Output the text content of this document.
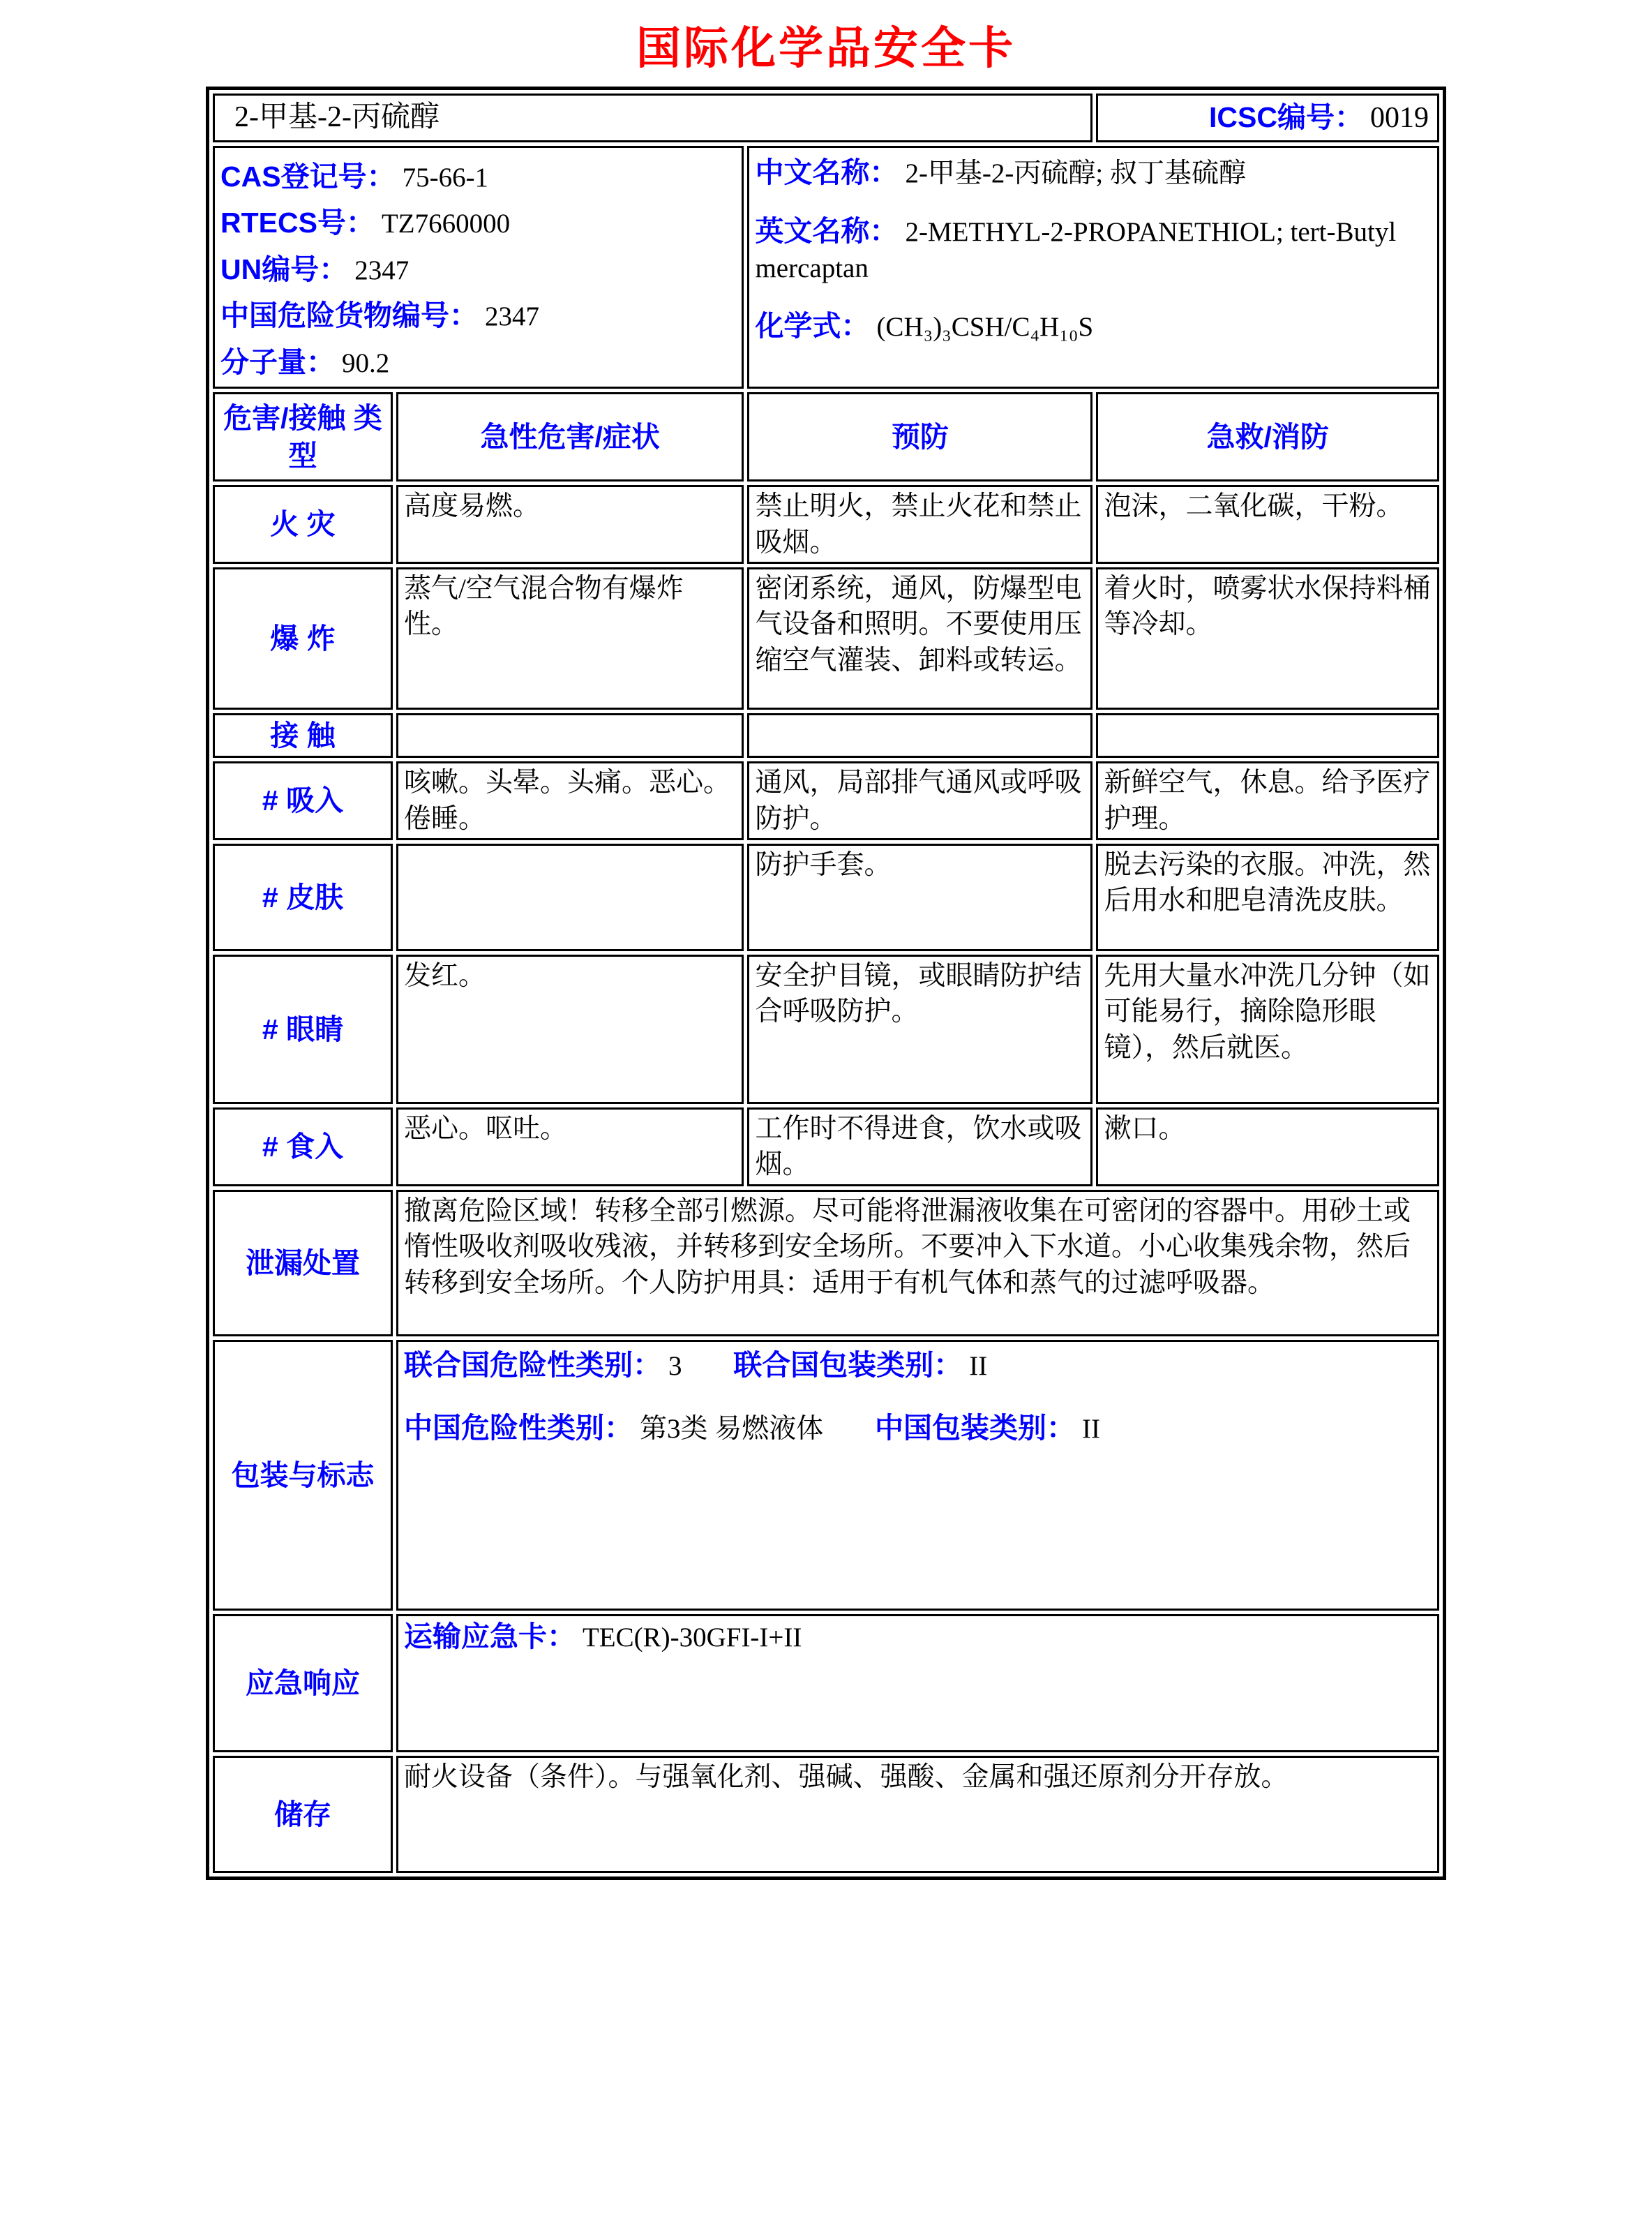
国际化学品安全卡
2-甲基-2-丙硫醇			ICSC编号： 0019

CAS登记号： 75-66-1
RTECS号： TZ7660000
UN编号： 2347
中国危险货物编号： 2347
分子量： 90.2

中文名称： 2-甲基-2-丙硫醇; 叔丁基硫醇

英文名称： 2-METHYL-2-PROPANETHIOL; tert-Butyl mercaptan

化学式： (CH₃)₃CSH/C₄H₁₀S

危害/接触 类型	急性危害/症状	预防	急救/消防
火 灾	高度易燃。	禁止明火，禁止火花和禁止吸烟。	泡沫，二氧化碳，干粉。
爆 炸	蒸气/空气混合物有爆炸性。	密闭系统，通风，防爆型电气设备和照明。不要使用压缩空气灌装、卸料或转运。	着火时，喷雾状水保持料桶等冷却。
接 触			
# 吸入	咳嗽。头晕。头痛。恶心。倦睡。	通风，局部排气通风或呼吸防护。	新鲜空气，休息。给予医疗护理。
# 皮肤		防护手套。	脱去污染的衣服。冲洗，然后用水和肥皂清洗皮肤。
# 眼睛	发红。	安全护目镜，或眼睛防护结合呼吸防护。	先用大量水冲洗几分钟（如可能易行，摘除隐形眼镜），然后就医。
# 食入	恶心。呕吐。	工作时不得进食，饮水或吸烟。	漱口。
泄漏处置	撤离危险区域！转移全部引燃源。尽可能将泄漏液收集在可密闭的容器中。用砂土或惰性吸收剂吸收残液，并转移到安全场所。不要冲入下水道。小心收集残余物，然后转移到安全场所。个人防护用具：适用于有机气体和蒸气的过滤呼吸器。		
包装与标志	联合国危险性类别： 3 联合国包装类别： II
中国危险性类别： 第3类 易燃液体 中国包装类别： II		

应急响应	运输应急卡： TEC(R)-30GFI-I+II		
储存	耐火设备（条件）。与强氧化剂、强碱、强酸、金属和强还原剂分开存放。		
